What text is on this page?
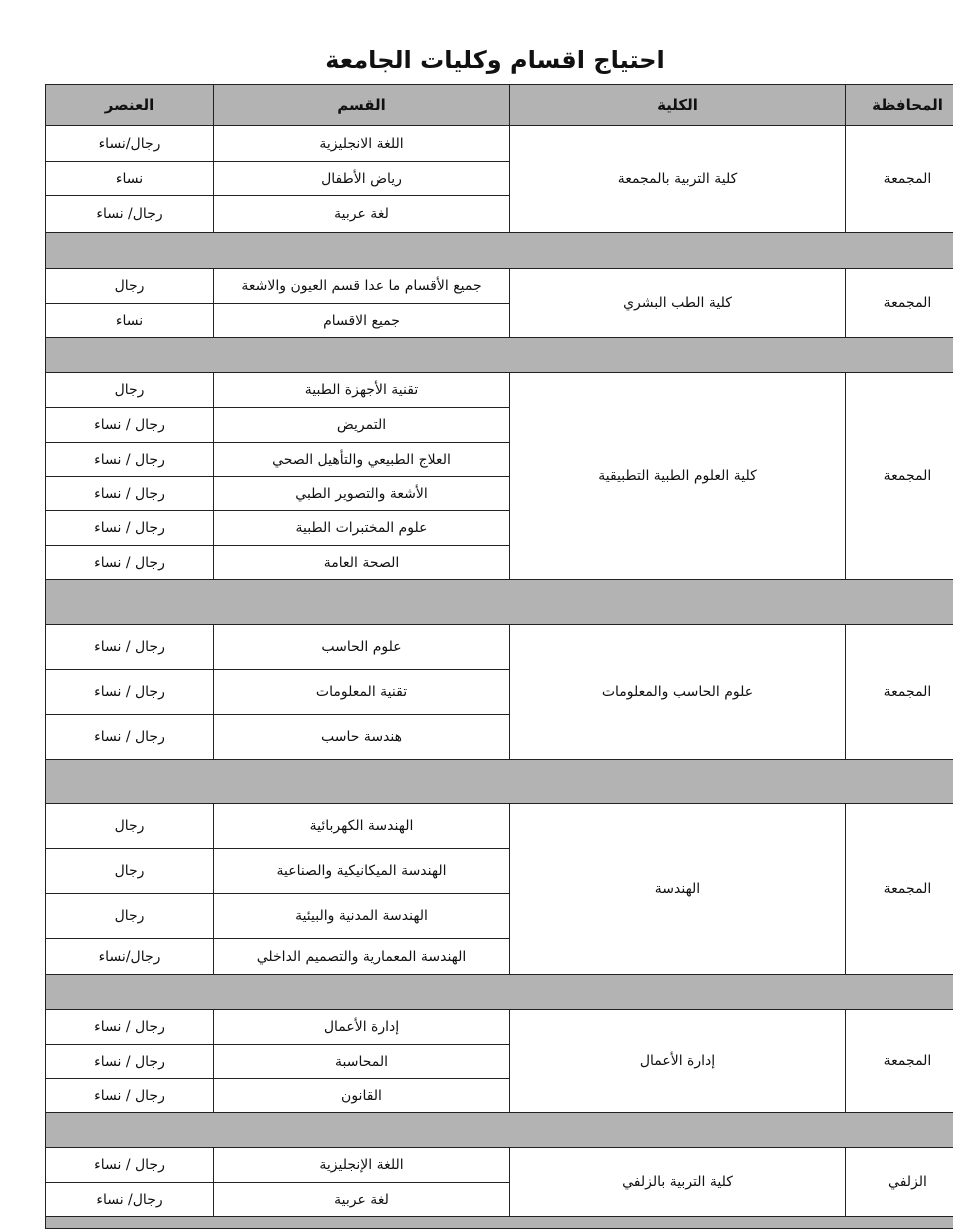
احتياج اقسام وكليات الجامعة
المحافظة	الكلية	القسم	العنصر
المجمعة	كلية التربية بالمجمعة	اللغة الانجليزية	رجال/نساء
		رياض الأطفال	نساء
		لغة عربية	رجال/ نساء

المجمعة	كلية الطب البشري	جميع الأقسام ما عدا قسم العيون والاشعة	رجال
		جميع الاقسام	نساء

المجمعة	كلية العلوم الطبية التطبيقية	تقنية الأجهزة الطبية	رجال
		التمريض	رجال / نساء
		العلاج الطبيعي والتأهيل الصحي	رجال / نساء
		الأشعة والتصوير الطبي	رجال / نساء
		علوم المختبرات الطبية	رجال / نساء
		الصحة العامة	رجال / نساء

المجمعة	علوم الحاسب والمعلومات	علوم الحاسب	رجال / نساء
		تقنية المعلومات	رجال / نساء
		هندسة حاسب	رجال / نساء

المجمعة	الهندسة	الهندسة الكهربائية	رجال
		الهندسة الميكانيكية والصناعية	رجال
		الهندسة المدنية والبيئية	رجال
		الهندسة المعمارية والتصميم الداخلي	رجال/نساء

المجمعة	إدارة الأعمال	إدارة الأعمال	رجال / نساء
		المحاسبة	رجال / نساء
		القانون	رجال / نساء

الزلفي	كلية التربية بالزلفي	اللغة الإنجليزية	رجال / نساء
		لغة عربية	رجال/ نساء
